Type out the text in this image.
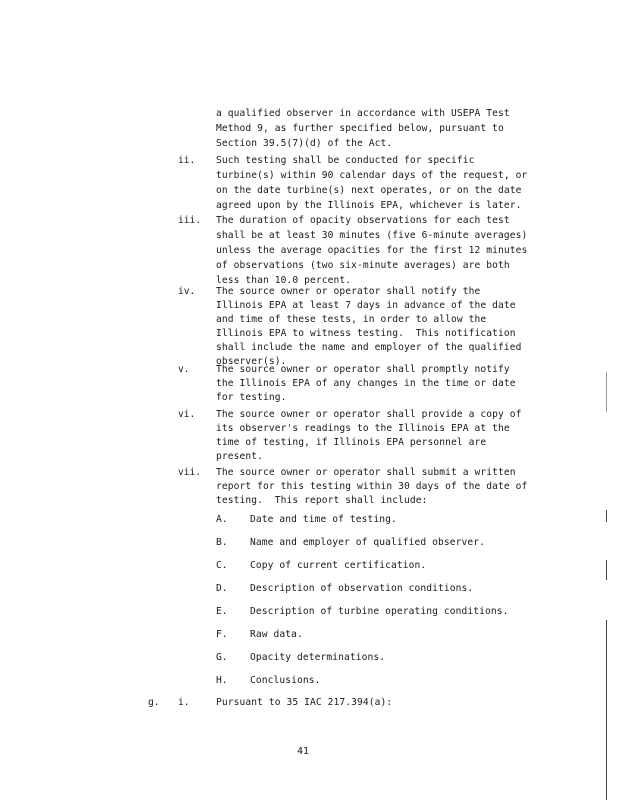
a qualified observer in accordance with USEPA Test
Method 9, as further specified below, pursuant to
Section 39.5(7)(d) of the Act.
ii. Such testing shall be conducted for specific
turbine(s) within 90 calendar days of the request, or
on the date turbine(s) next operates, or on the date
agreed upon by the Illinois EPA, whichever is later.
iii. The duration of opacity observations for each test
shall be at least 30 minutes (five 6-minute averages)
unless the average opacities for the first 12 minutes
of observations (two six-minute averages) are both
less than 10.0 percent.
iv. The source owner or operator shall notify the
Illinois EPA at least 7 days in advance of the date
and time of these tests, in order to allow the
Illinois EPA to witness testing.  This notification
shall include the name and employer of the qualified
observer(s).
v.	The source owner or operator shall promptly notify
the Illinois EPA of any changes in the time or date
for testing.
vi. The source owner or operator shall provide a copy of
its observer's readings to the Illinois EPA at the
time of testing, if Illinois EPA personnel are
present.
vii. The source owner or operator shall submit a written
report for this testing within 30 days of the date of
testing.  This report shall include:
A. Date and time of testing.
B. Name and employer of qualified observer.
C. Copy of current certification.
D. Description of observation conditions.
E. Description of turbine operating conditions.
F. Raw data.
G. Opacity determinations.
H. Conclusions.
g. i.	Pursuant to 35 IAC 217.394(a):
41
